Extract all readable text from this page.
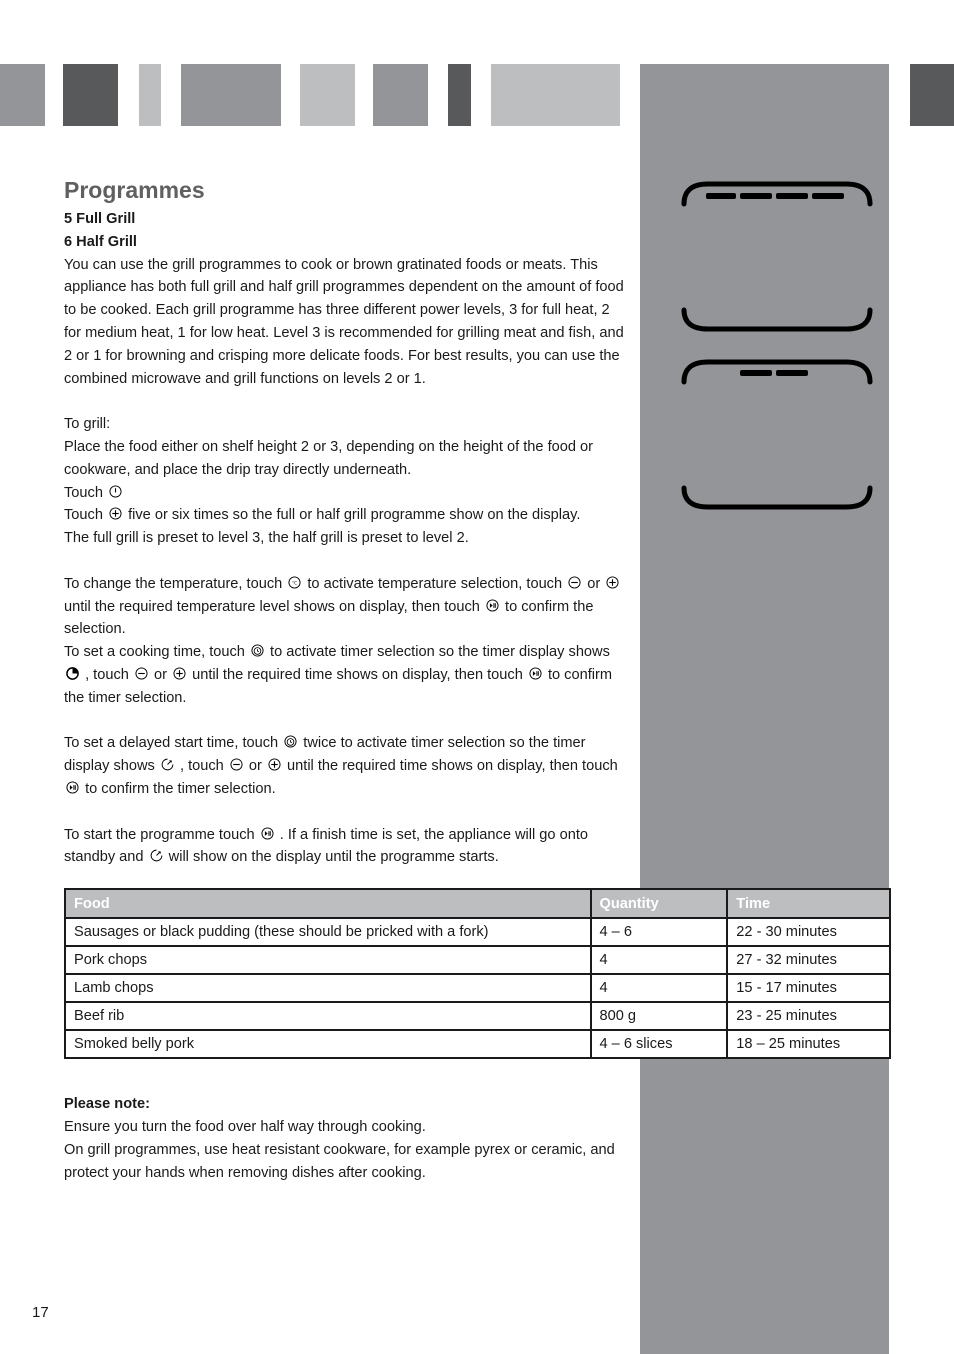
Programmes

5 Full Grill

6 Half Grill

You can use the grill programmes to cook or brown gratinated foods or meats. This appliance has both full grill and half grill programmes dependent on the amount of food to be cooked. Each grill programme has three different power levels, 3 for full heat, 2 for medium heat, 1 for low heat. Level 3 is recommended for grilling meat and fish, and 2 or 1 for browning and crisping more delicate foods. For best results, you can use the combined microwave and grill functions on levels 2 or 1.

To grill:

Place the food either on shelf height 2 or 3, depending on the height of the food or cookware, and place the drip tray directly underneath.

Touch

Touch five or six times so the full or half grill programme show on the display.

The full grill is preset to level 3, the half grill is preset to level 2.

To change the temperature, touch °C to activate temperature selection, touch or
until the required temperature level shows on display, then touch to confirm the selection.

To set a cooking time, touch to activate timer selection so the timer display shows
, touch or until the required time shows on display, then touch to confirm the timer selection.

To set a delayed start time, touch twice to activate timer selection so the timer display shows , touch or until the required time shows on display, then touch
to confirm the timer selection.

To start the programme touch . If a finish time is set, the appliance will go onto standby and will show on the display until the programme starts.

Food	Quantity	Time
Sausages or black pudding (these should be pricked with a fork)	4 – 6	22 - 30 minutes
Pork chops	4	27 - 32 minutes
Lamb chops	4	15 - 17 minutes
Beef rib	800 g	23 - 25 minutes
Smoked belly pork	4 – 6 slices	18 – 25 minutes

Please note:

Ensure you turn the food over half way through cooking.

On grill programmes, use heat resistant cookware, for example pyrex or ceramic, and protect your hands when removing dishes after cooking.

17
